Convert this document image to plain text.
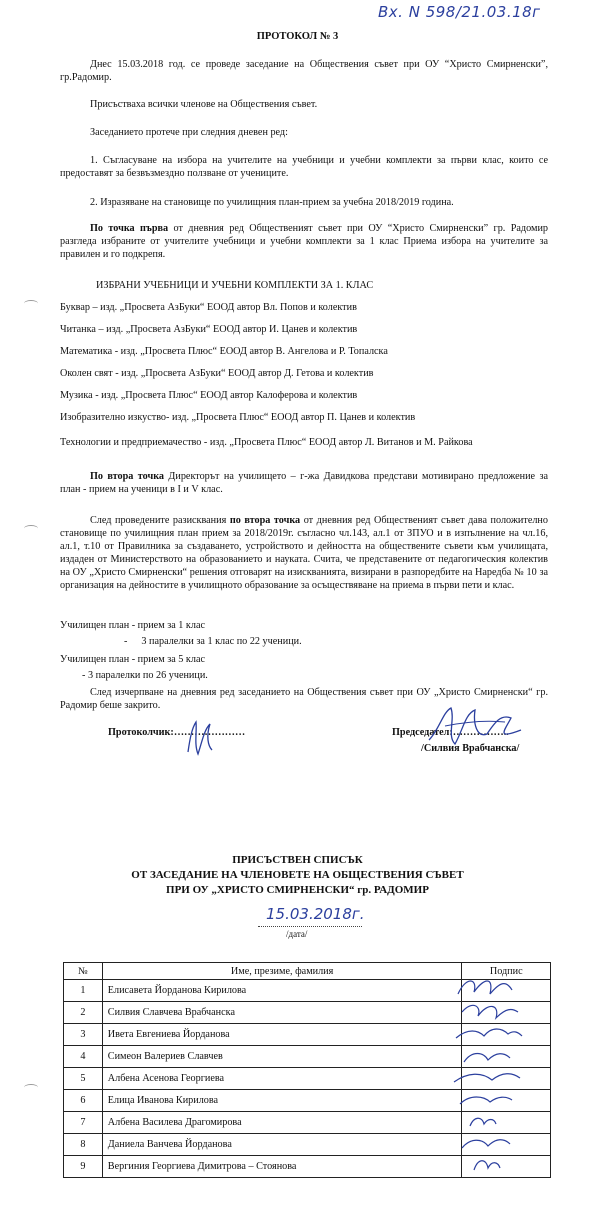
Вх. N 598/21.03.18г
ПРОТОКОЛ № 3
Днес 15.03.2018 год. се проведе заседание на Обществения съвет при ОУ “Христо Смирненски”, гр.Радомир.
Присъстваха всички членове на Обществения съвет.
Заседанието протече при следния дневен ред:
1. Съгласуване на избора на учителите на учебници и учебни комплекти за първи клас, които се предоставят за безвъзмездно ползване от учениците.
2. Изразяване на становище по училищния план-прием за учебна 2018/2019 година.
По точка първа от дневния ред Общественият съвет при ОУ “Христо Смирненски” гр. Радомир разгледа избраните от учителите учебници и учебни комплекти за 1 клас Приема избора на учителите за правилен и го подкрепя.
ИЗБРАНИ УЧЕБНИЦИ И УЧЕБНИ КОМПЛЕКТИ ЗА 1. КЛАС
Буквар – изд. „Просвета АзБуки“ ЕООД автор Вл. Попов и колектив
Читанка – изд. „Просвета АзБуки“ ЕООД автор И. Цанев и колектив
Математика - изд. „Просвета Плюс“ ЕООД автор В. Ангелова и Р. Топалска
Околен свят - изд. „Просвета АзБуки“ ЕООД автор Д. Гетова и колектив
Музика - изд. „Просвета Плюс“ ЕООД автор Калоферова и колектив
Изобразително изкуство- изд. „Просвета Плюс“ ЕООД автор П. Цанев и колектив
Технологии и предприемачество - изд. „Просвета Плюс“ ЕООД автор Л. Витанов и М. Райкова
По втора точка Директорът на училището – г-жа Давидкова представи мотивирано предложение за план - прием на ученици в I и V клас.
След проведените разисквания по втора точка от дневния ред Общественият съвет дава положително становище по училищния план прием за 2018/2019г. съгласно чл.143, ал.1 от ЗПУО и в изпълнение на чл.16, ал.1, т.10 от Правилника за създаването, устройството и дейността на обществените съвети към училищата, издаден от Министерството на образованието и науката. Счита, че представените от педагогическия колектив на ОУ „Христо Смирненски“ решения отговарят на изискванията, визирани в разпоредбите на Наредба № 10 за организация на дейностите в училищното образование за осъществяване на приема в първи пети и клас.
Училищен план - прием за 1 клас
- 3 паралелки за 1 клас по 22 ученици.
Училищен план - прием за 5 клас
- 3 паралелки по 26 ученици.
След изчерпване на дневния ред заседанието на Обществения съвет при ОУ „Христо Смирненски“ гр. Радомир беше закрито.
Протоколчик:…………………	Председател:……………..
/Силвия Врабчанска/
ПРИСЪСТВЕН СПИСЪК
ОТ ЗАСЕДАНИЕ НА ЧЛЕНОВЕТЕ НА ОБЩЕСТВЕНИЯ СЪВЕТ
ПРИ ОУ „ХРИСТО СМИРНЕНСКИ“ гр. РАДОМИР
15.03.2018г.
/дата/
№	Име, презиме, фамилия	Подпис
1	Елисавета Йорданова Кирилова	
2	Силвия Славчева Врабчанска	
3	Ивета Евгениева Йорданова	
4	Симеон Валериев Славчев	
5	Албена Асенова Георгиева	
6	Елица Иванова Кирилова	
7	Албена Василева Драгомирова	
8	Даниела Ванчева Йорданова	
9	Вергиния Георгиева Димитрова – Стоянова	
